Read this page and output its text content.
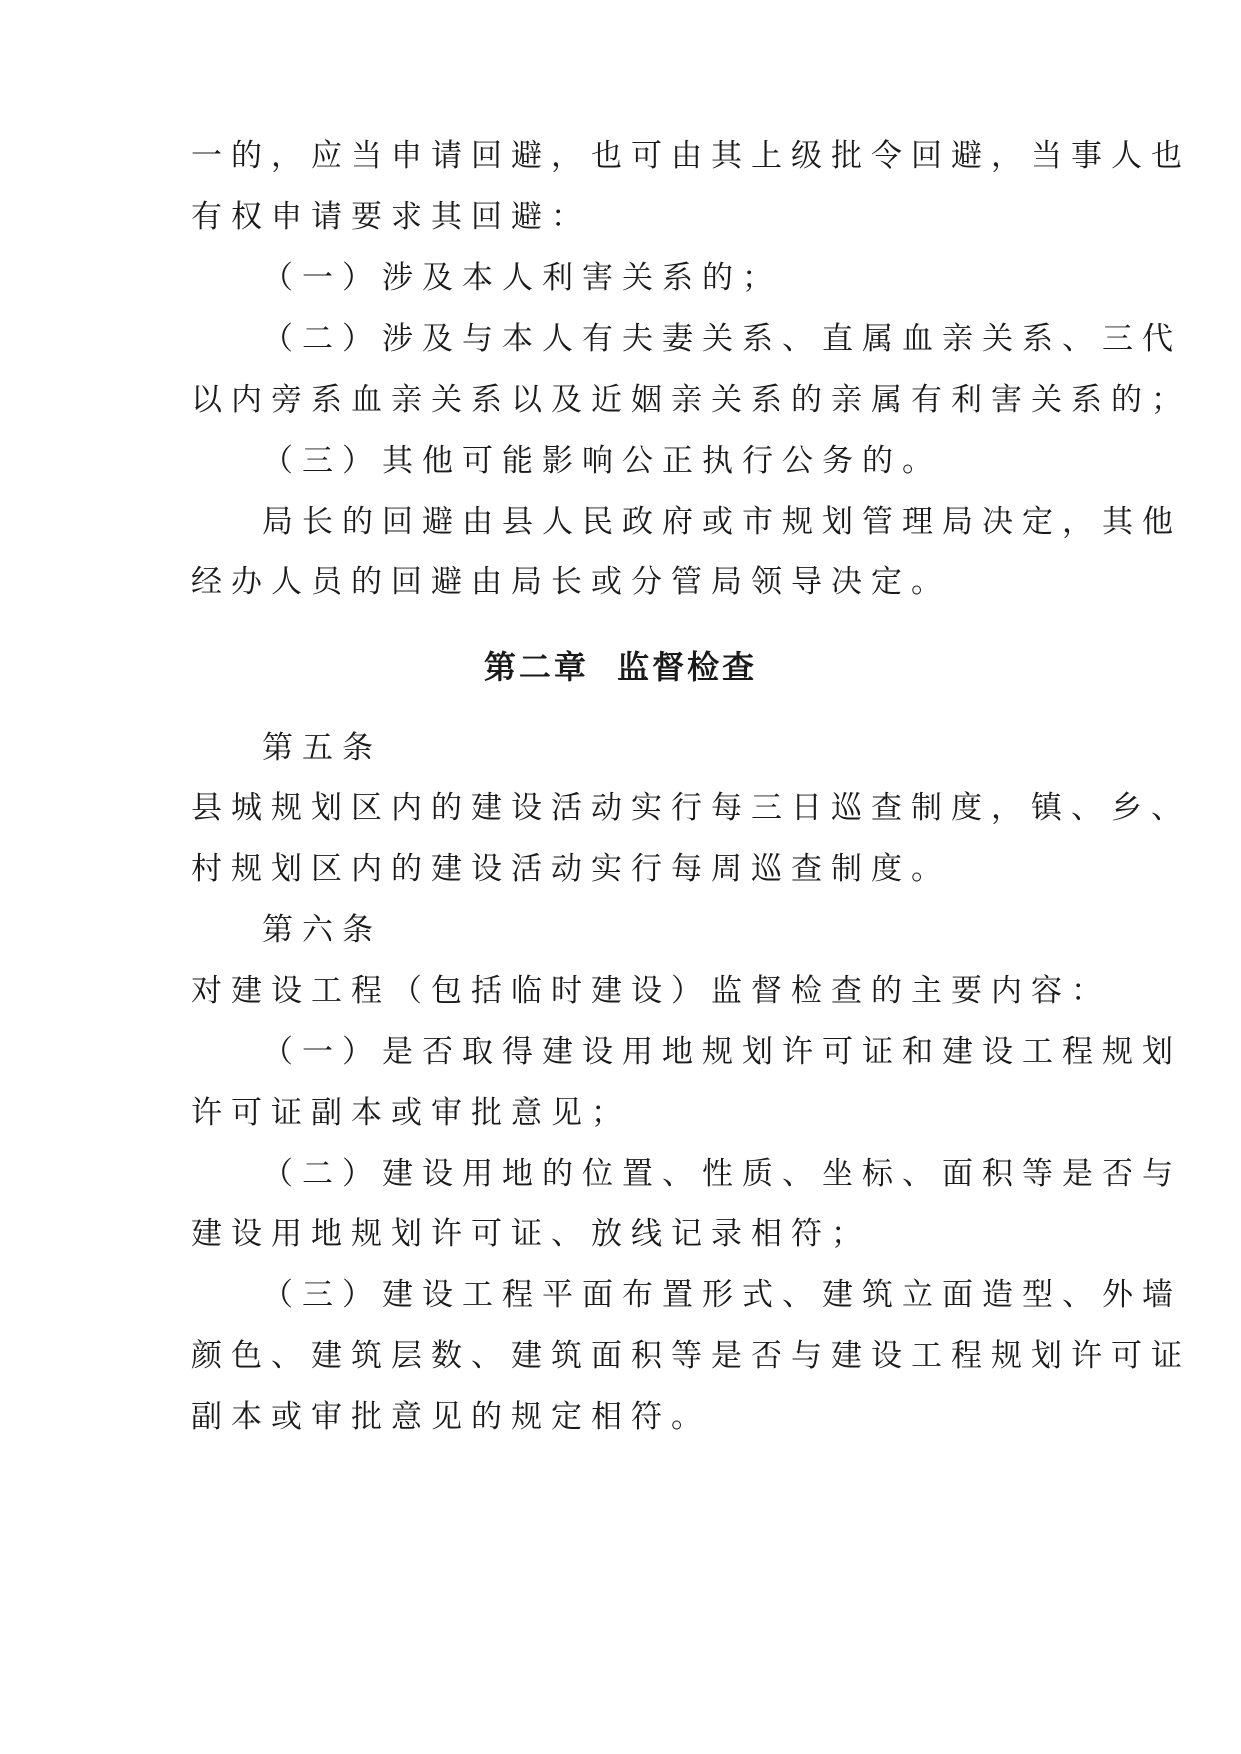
一的，应当申请回避，也可由其上级批令回避，当事人也
有权申请要求其回避：
（一）涉及本人利害关系的；
（二）涉及与本人有夫妻关系、直属血亲关系、三代
以内旁系血亲关系以及近姻亲关系的亲属有利害关系的；
（三）其他可能影响公正执行公务的。
局长的回避由县人民政府或市规划管理局决定，其他
经办人员的回避由局长或分管局领导决定。
第二章  监督检查
第五条
县城规划区内的建设活动实行每三日巡查制度，镇、乡、
村规划区内的建设活动实行每周巡查制度。
第六条
对建设工程（包括临时建设）监督检查的主要内容：
（一）是否取得建设用地规划许可证和建设工程规划
许可证副本或审批意见；
（二）建设用地的位置、性质、坐标、面积等是否与
建设用地规划许可证、放线记录相符；
（三）建设工程平面布置形式、建筑立面造型、外墙
颜色、建筑层数、建筑面积等是否与建设工程规划许可证
副本或审批意见的规定相符。
